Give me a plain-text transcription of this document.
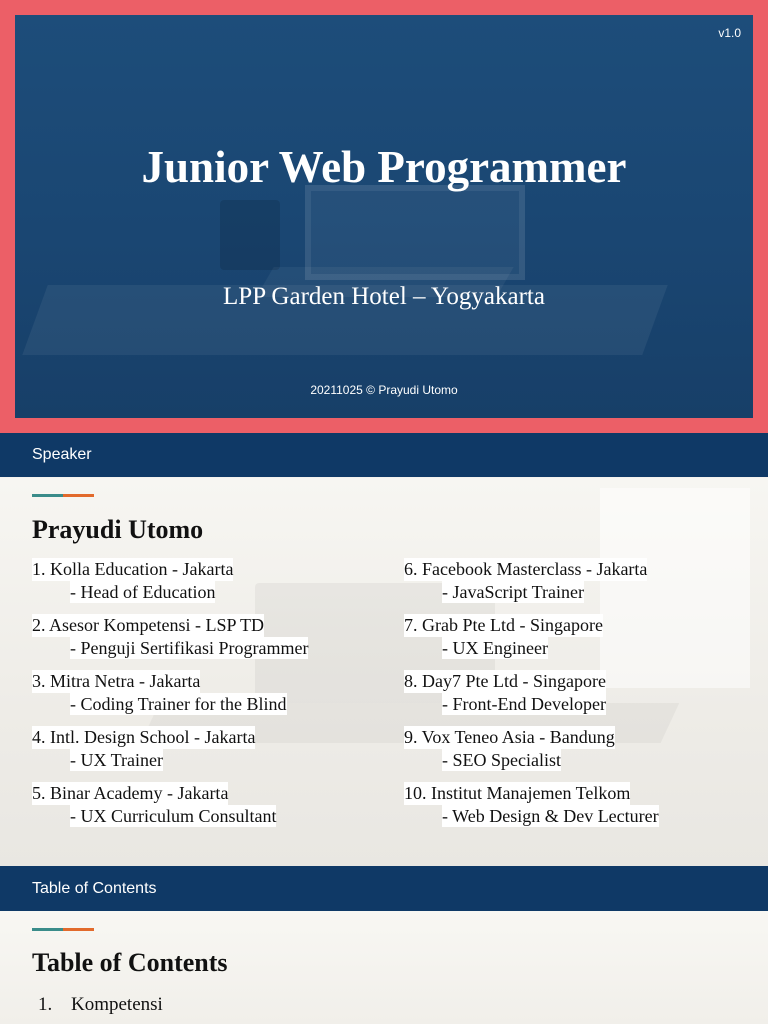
v1.0
Junior Web Programmer
LPP Garden Hotel – Yogyakarta
20211025 © Prayudi Utomo
Speaker
Prayudi Utomo
1. Kolla Education - Jakarta
- Head of Education
2. Asesor Kompetensi - LSP TD
- Penguji Sertifikasi Programmer
3. Mitra Netra - Jakarta
- Coding Trainer for the Blind
4. Intl. Design School - Jakarta
- UX Trainer
5. Binar Academy - Jakarta
- UX Curriculum Consultant
6. Facebook Masterclass - Jakarta
- JavaScript Trainer
7. Grab Pte Ltd - Singapore
- UX Engineer
8. Day7 Pte Ltd - Singapore
- Front-End Developer
9. Vox Teneo Asia - Bandung
- SEO Specialist
10. Institut Manajemen Telkom
- Web Design & Dev Lecturer
Table of Contents
Table of Contents
1. Kompetensi
